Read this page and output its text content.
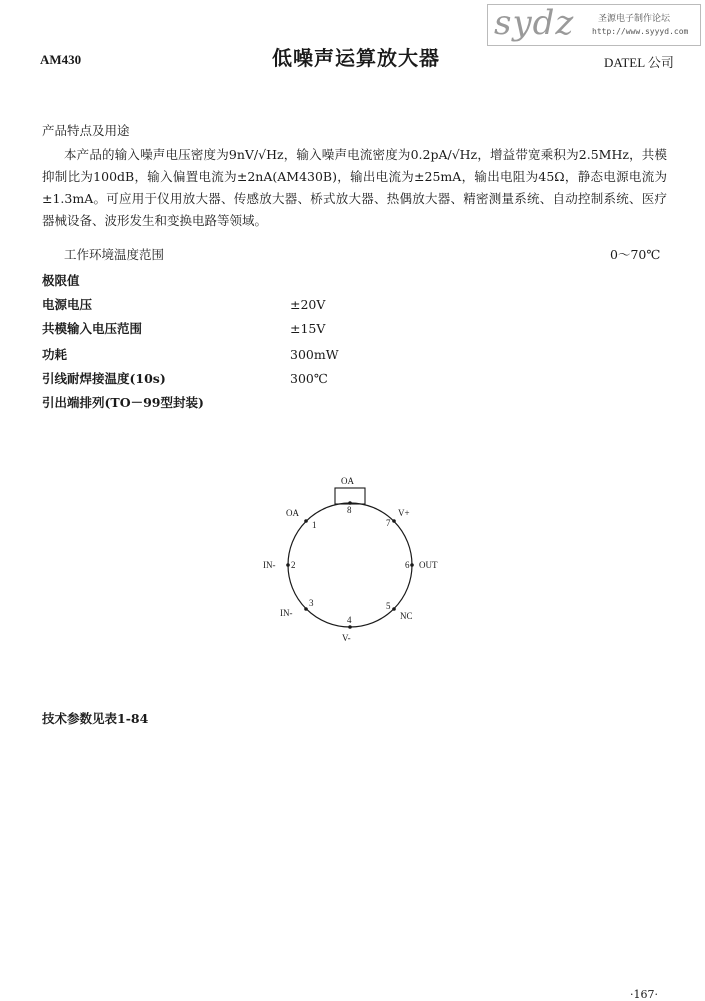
AM430	低噪声运算放大器	DATEL 公司
sydz	圣源电子制作论坛
http://www.syyyd.com
产品特点及用途
本产品的输入噪声电压密度为9nV/√Hz，输入噪声电流密度为0.2pA/√Hz，增益带宽乘积为2.5MHz，共模抑制比为100dB，输入偏置电流为±2nA(AM430B)，输出电流为±25mA，输出电阻为45Ω，静态电源电流为±1.3mA。可应用于仪用放大器、传感放大器、桥式放大器、热偶放大器、精密测量系统、自动控制系统、医疗器械设备、波形发生和变换电路等领域。
工作环境温度范围	0～70℃
极限值
电源电压	±20V
共模输入电压范围	±15V
功耗	300mW
引线耐焊接温度(10s)	300℃
引出端排列(TO－99型封装)
OA
1
2
3
4
5
6
7
8
OA
IN-
IN-
V-
NC
OUT
V+
技术参数见表1-84
·167·
